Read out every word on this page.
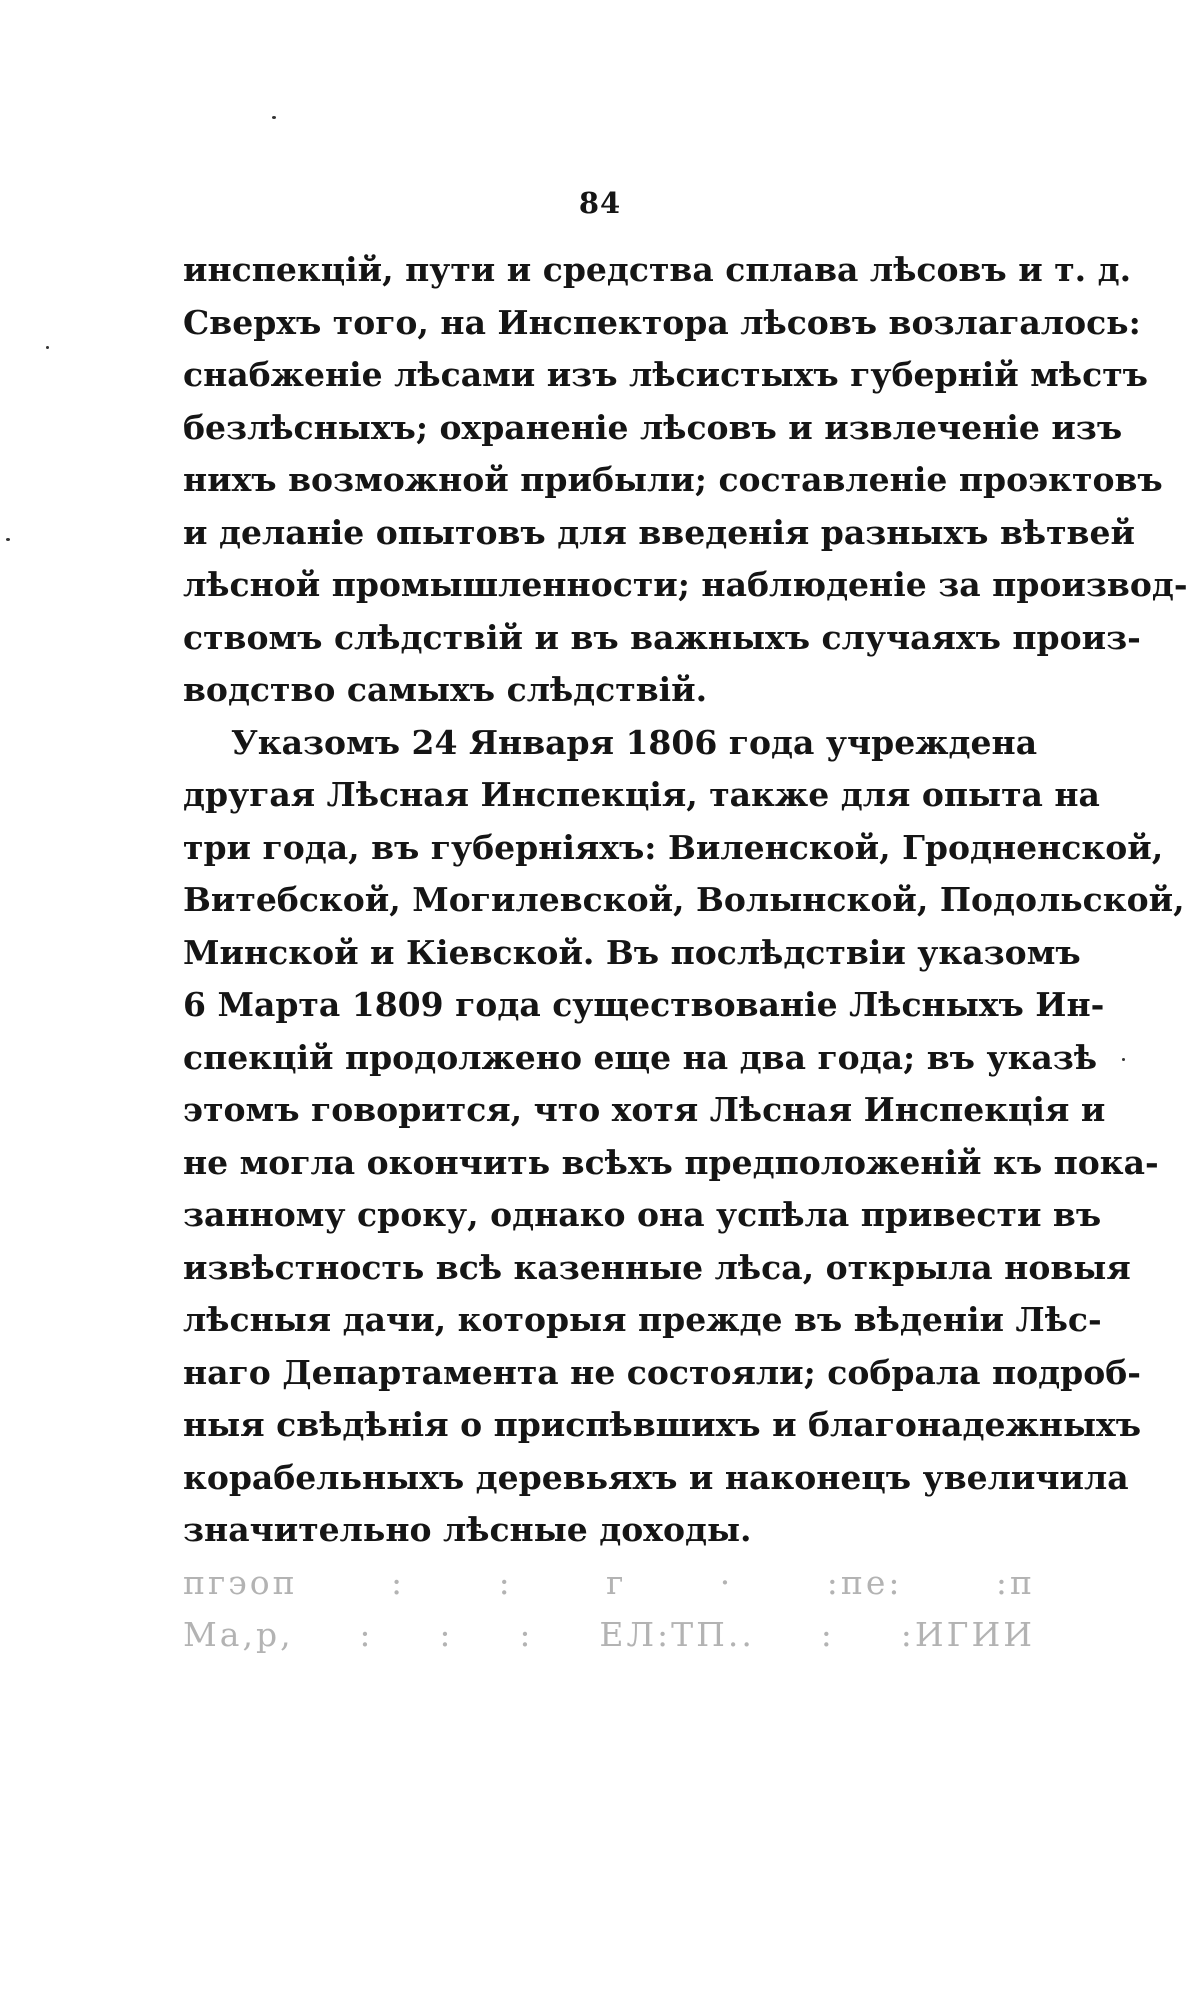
84
инспекцій, пути и средства сплава лѣсовъ и т. д.
Сверхъ того, на Инспектора лѣсовъ возлагалось:
снабженіе лѣсами изъ лѣсистыхъ губерній мѣстъ
безлѣсныхъ; охраненіе лѣсовъ и извлеченіе изъ
нихъ возможной прибыли; составленіе проэктовъ
и деланіе опытовъ для введенія разныхъ вѣтвей
лѣсной промышленности; наблюденіе за производ-
ствомъ слѣдствій и въ важныхъ случаяхъ произ-
водство самыхъ слѣдствій.
Указомъ 24 Января 1806 года учреждена
другая Лѣсная Инспекція, также для опыта на
три года, въ губерніяхъ: Виленской, Гродненской,
Витебской, Могилевской, Волынской, Подольской,
Минской и Кіевской. Въ послѣдствіи указомъ
6 Марта 1809 года существованіе Лѣсныхъ Ин-
спекцій продолжено еще на два года; въ указѣ
этомъ говорится, что хотя Лѣсная Инспекція и
не могла окончить всѣхъ предположеній къ пока-
занному сроку, однако она успѣла привести въ
извѣстность всѣ казенные лѣса, открыла новыя
лѣсныя дачи, которыя прежде въ вѣденіи Лѣс-
наго Департамента не состояли; собрала подроб-
ныя свѣдѣнія о приспѣвшихъ и благонадежныхъ
корабельныхъ деревьяхъ и наконецъ увеличила
значительно лѣсные доходы.
пгэоп : : г · :пе: :п
Ма,р, : : : ЕЛ:ТП.. : :ИГИИ
